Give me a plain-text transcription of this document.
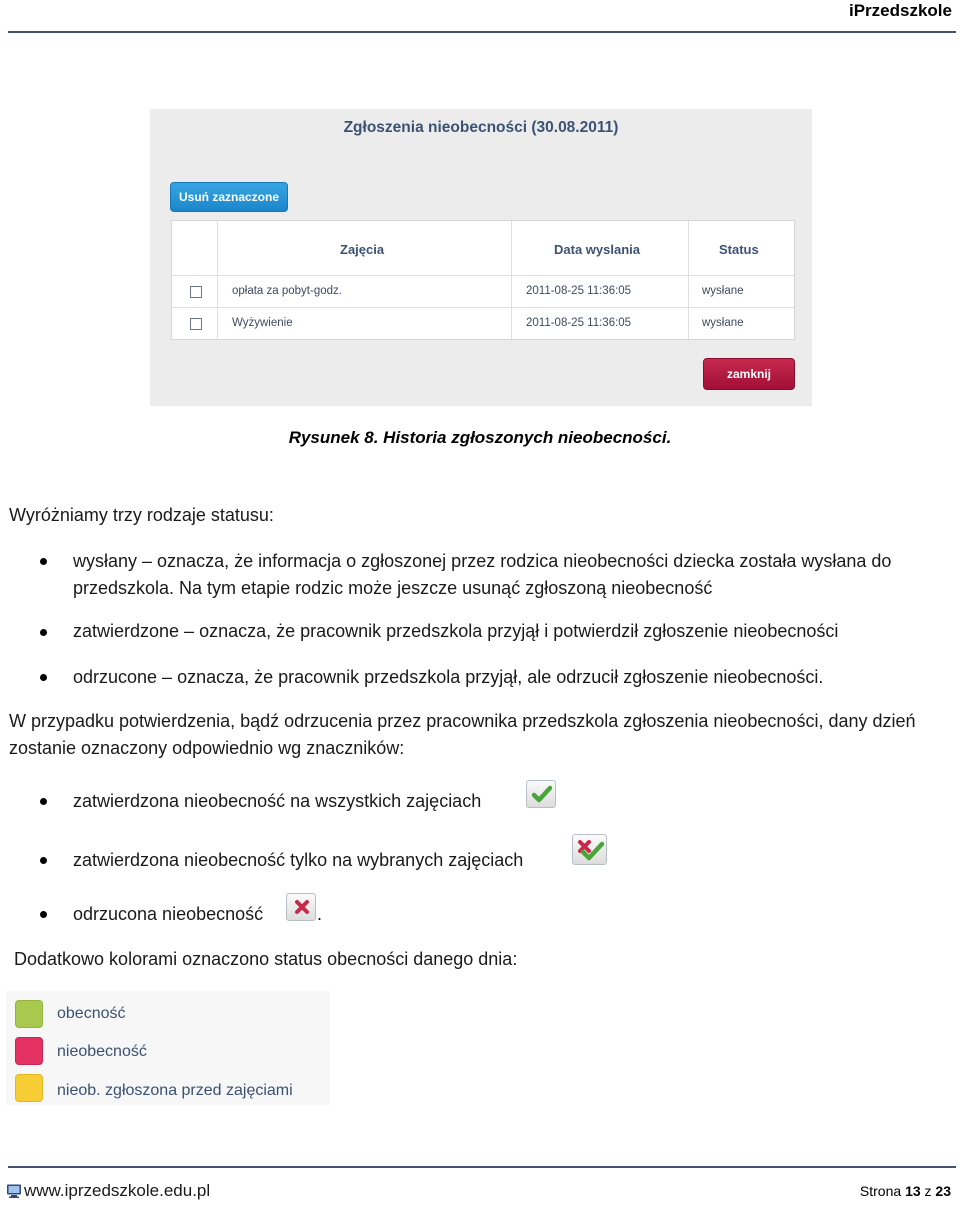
iPrzedszkole
Zgłoszenia nieobecności (30.08.2011)
Usuń zaznaczone
Zajęcia	Data wyslania	Status
opłata za pobyt-godz.	2011-08-25 11:36:05	wysłane
Wyżywienie	2011-08-25 11:36:05	wysłane
zamknij
Rysunek 8. Historia zgłoszonych nieobecności.
Wyróżniamy trzy rodzaje statusu:
wysłany – oznacza, że informacja o zgłoszonej przez rodzica nieobecności dziecka została wysłana do przedszkola. Na tym etapie rodzic może jeszcze usunąć zgłoszoną nieobecność
zatwierdzone – oznacza, że pracownik przedszkola przyjął i potwierdził zgłoszenie nieobecności
odrzucone – oznacza, że pracownik przedszkola przyjął, ale odrzucił zgłoszenie nieobecności.
W przypadku potwierdzenia, bądź odrzucenia przez pracownika przedszkola zgłoszenia nieobecności, dany dzień zostanie oznaczony odpowiednio wg znaczników:
zatwierdzona nieobecność na wszystkich zajęciach
zatwierdzona nieobecność tylko na wybranych zajęciach
odrzucona nieobecność	.
Dodatkowo kolorami oznaczono status obecności danego dnia:
obecność
nieobecność
nieob. zgłoszona przed zajęciami
www.iprzedszkole.edu.pl	Strona 13 z 23
